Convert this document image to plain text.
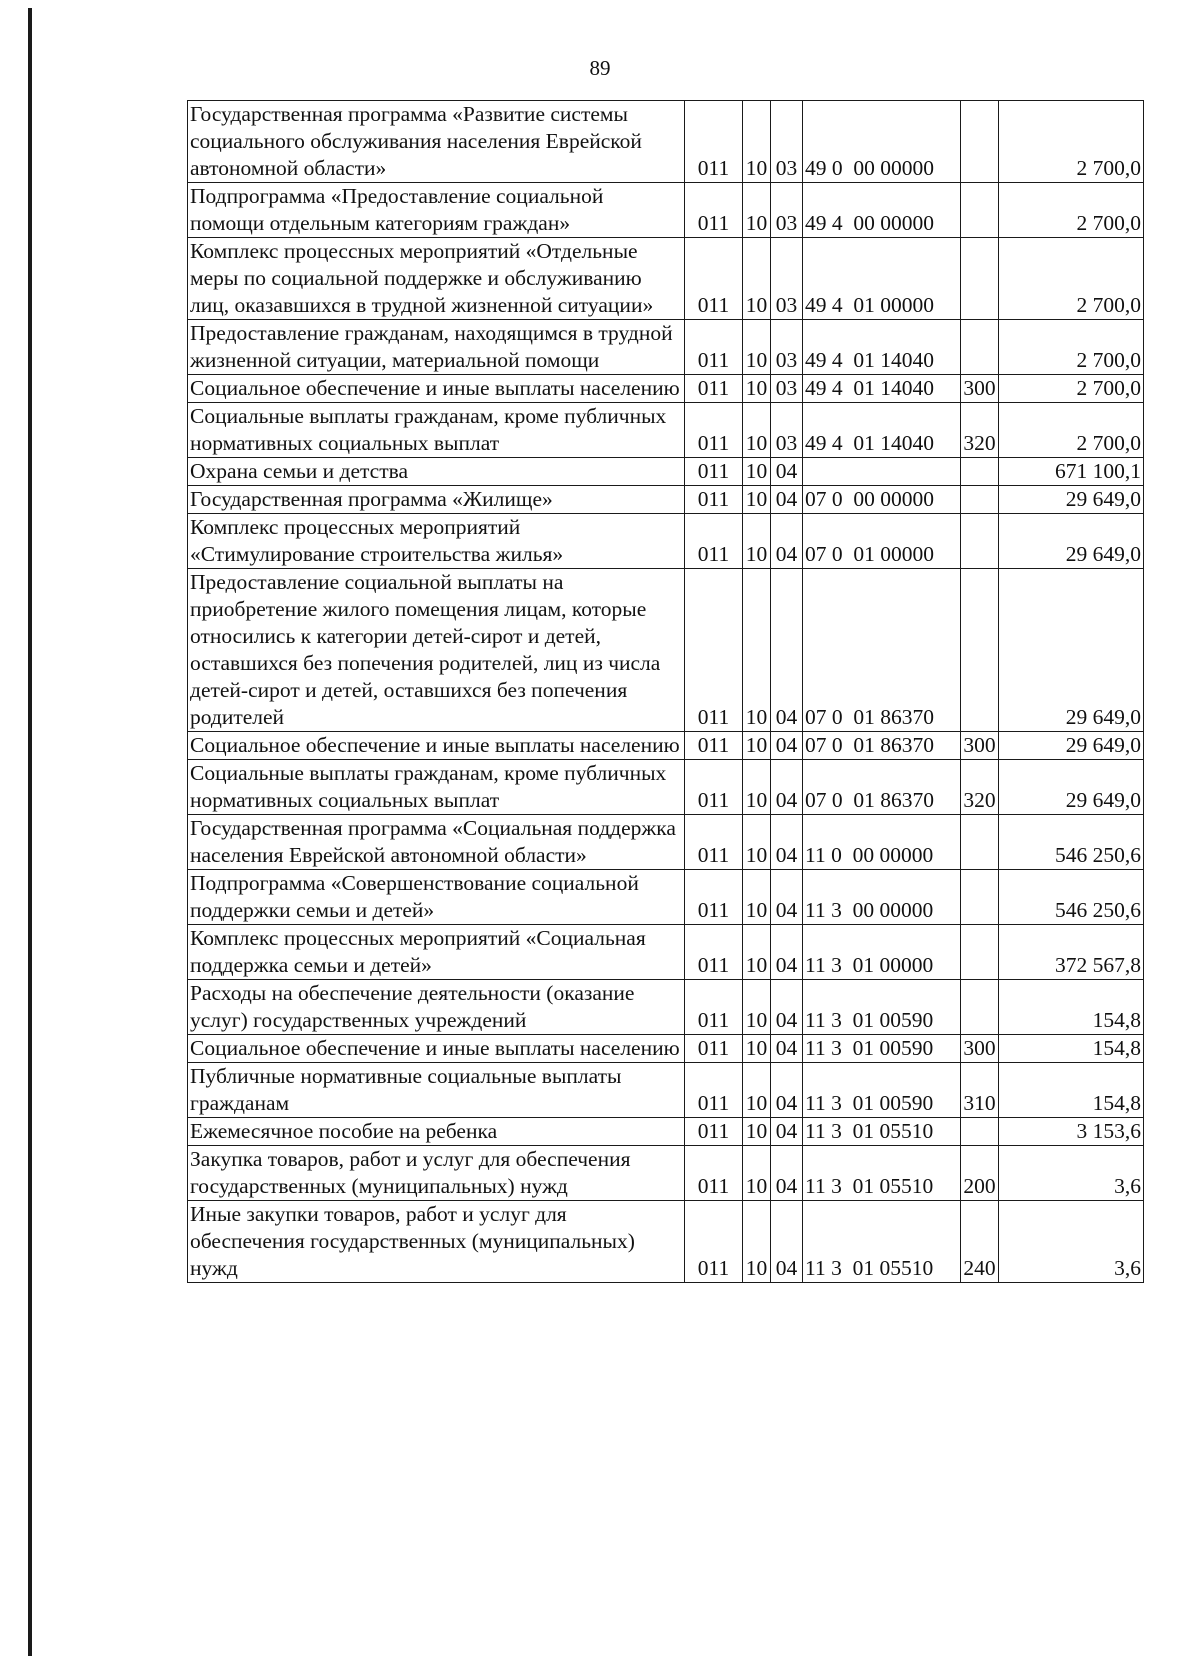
89
Государственная программа «Развитие системы социального обслуживания населения Еврейской автономной области»	011	10	03	49 0  00 00000		2 700,0
Подпрограмма «Предоставление социальной помощи отдельным категориям граждан»	011	10	03	49 4  00 00000		2 700,0
Комплекс процессных мероприятий «Отдельные меры по социальной поддержке и обслуживанию лиц, оказавшихся в трудной жизненной ситуации»	011	10	03	49 4  01 00000		2 700,0
Предоставление гражданам, находящимся в трудной жизненной ситуации, материальной помощи	011	10	03	49 4  01 14040		2 700,0
Социальное обеспечение и иные выплаты населению	011	10	03	49 4  01 14040	300	2 700,0
Социальные выплаты гражданам, кроме публичных нормативных социальных выплат	011	10	03	49 4  01 14040	320	2 700,0
Охрана семьи и детства	011	10	04			671 100,1
Государственная программа «Жилище»	011	10	04	07 0  00 00000		29 649,0
Комплекс процессных мероприятий «Стимулирование строительства жилья»	011	10	04	07 0  01 00000		29 649,0
Предоставление социальной выплаты на приобретение жилого помещения лицам, которые относились к категории детей-сирот и детей, оставшихся без попечения родителей, лиц из числа детей-сирот и детей, оставшихся без попечения родителей	011	10	04	07 0  01 86370		29 649,0
Социальное обеспечение и иные выплаты населению	011	10	04	07 0  01 86370	300	29 649,0
Социальные выплаты гражданам, кроме публичных нормативных социальных выплат	011	10	04	07 0  01 86370	320	29 649,0
Государственная программа «Социальная поддержка населения Еврейской автономной области»	011	10	04	11 0  00 00000		546 250,6
Подпрограмма «Совершенствование социальной поддержки семьи и детей»	011	10	04	11 3  00 00000		546 250,6
Комплекс процессных мероприятий «Социальная поддержка семьи и детей»	011	10	04	11 3  01 00000		372 567,8
Расходы на обеспечение деятельности (оказание услуг) государственных учреждений	011	10	04	11 3  01 00590		154,8
Социальное обеспечение и иные выплаты населению	011	10	04	11 3  01 00590	300	154,8
Публичные нормативные социальные выплаты гражданам	011	10	04	11 3  01 00590	310	154,8
Ежемесячное пособие на ребенка	011	10	04	11 3  01 05510		3 153,6
Закупка товаров, работ и услуг для обеспечения государственных (муниципальных) нужд	011	10	04	11 3  01 05510	200	3,6
Иные закупки товаров, работ и услуг для обеспечения государственных (муниципальных) нужд	011	10	04	11 3  01 05510	240	3,6
